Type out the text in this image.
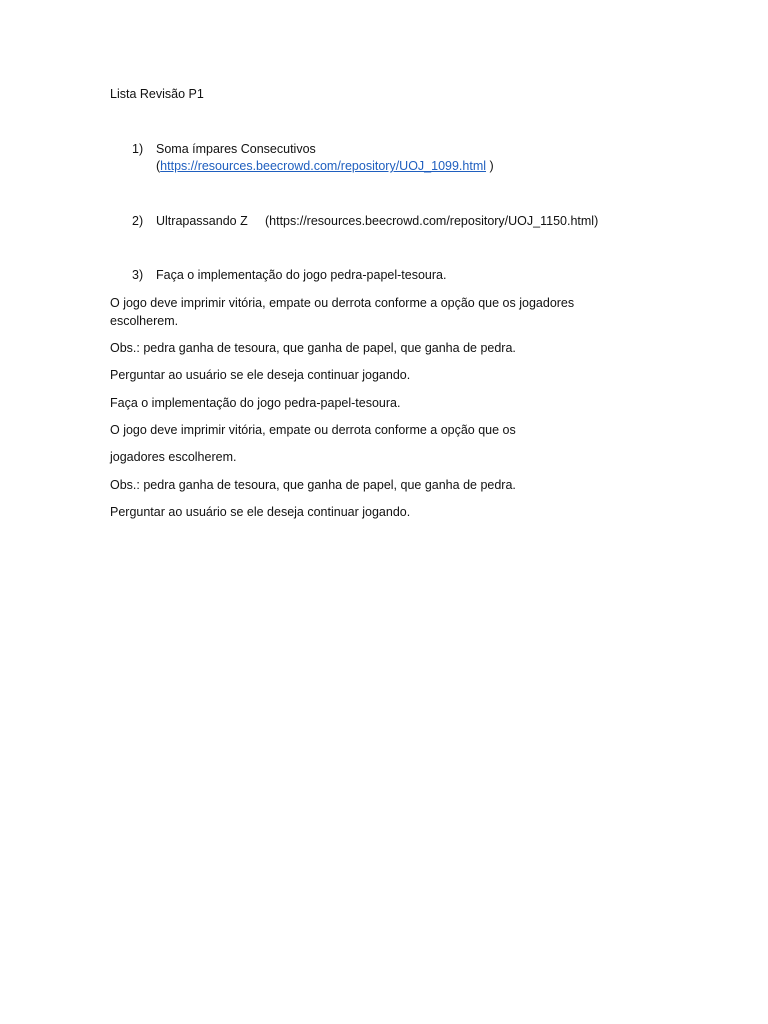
Lista Revisão P1
1) Soma ímpares Consecutivos
(https://resources.beecrowd.com/repository/UOJ_1099.html )
2) Ultrapassando Z (https://resources.beecrowd.com/repository/UOJ_1150.html)
3) Faça o implementação do jogo pedra-papel-tesoura.
O jogo deve imprimir vitória, empate ou derrota conforme a opção que os jogadores escolherem.
Obs.: pedra ganha de tesoura, que ganha de papel, que ganha de pedra.
Perguntar ao usuário se ele deseja continuar jogando.
Faça o implementação do jogo pedra-papel-tesoura.
O jogo deve imprimir vitória, empate ou derrota conforme a opção que os
jogadores escolherem.
Obs.: pedra ganha de tesoura, que ganha de papel, que ganha de pedra.
Perguntar ao usuário se ele deseja continuar jogando.
